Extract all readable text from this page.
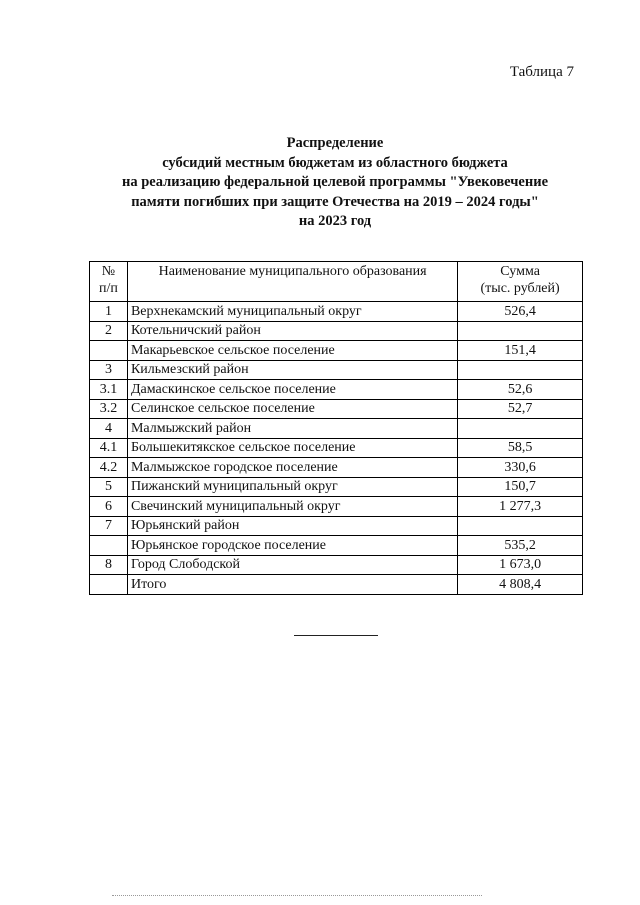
Таблица 7
Распределение
субсидий местным бюджетам из областного бюджета
на реализацию федеральной целевой программы "Увековечение
памяти погибших при защите Отечества на 2019 – 2024 годы"
на 2023 год
№
п/п	Наименование муниципального образования	Сумма
(тыс. рублей)

1	Верхнекамский муниципальный округ	526,4
2	Котельничский район	
	Макарьевское сельское поселение	151,4
3	Кильмезский район	
3.1	Дамаскинское сельское поселение	52,6
3.2	Селинское сельское поселение	52,7
4	Малмыжский район	
4.1	Большекитякское сельское поселение	58,5
4.2	Малмыжское городское поселение	330,6
5	Пижанский муниципальный округ	150,7
6	Свечинский муниципальный округ	1 277,3
7	Юрьянский район	
	Юрьянское городское поселение	535,2
8	Город Слободской	1 673,0
	Итого	4 808,4
